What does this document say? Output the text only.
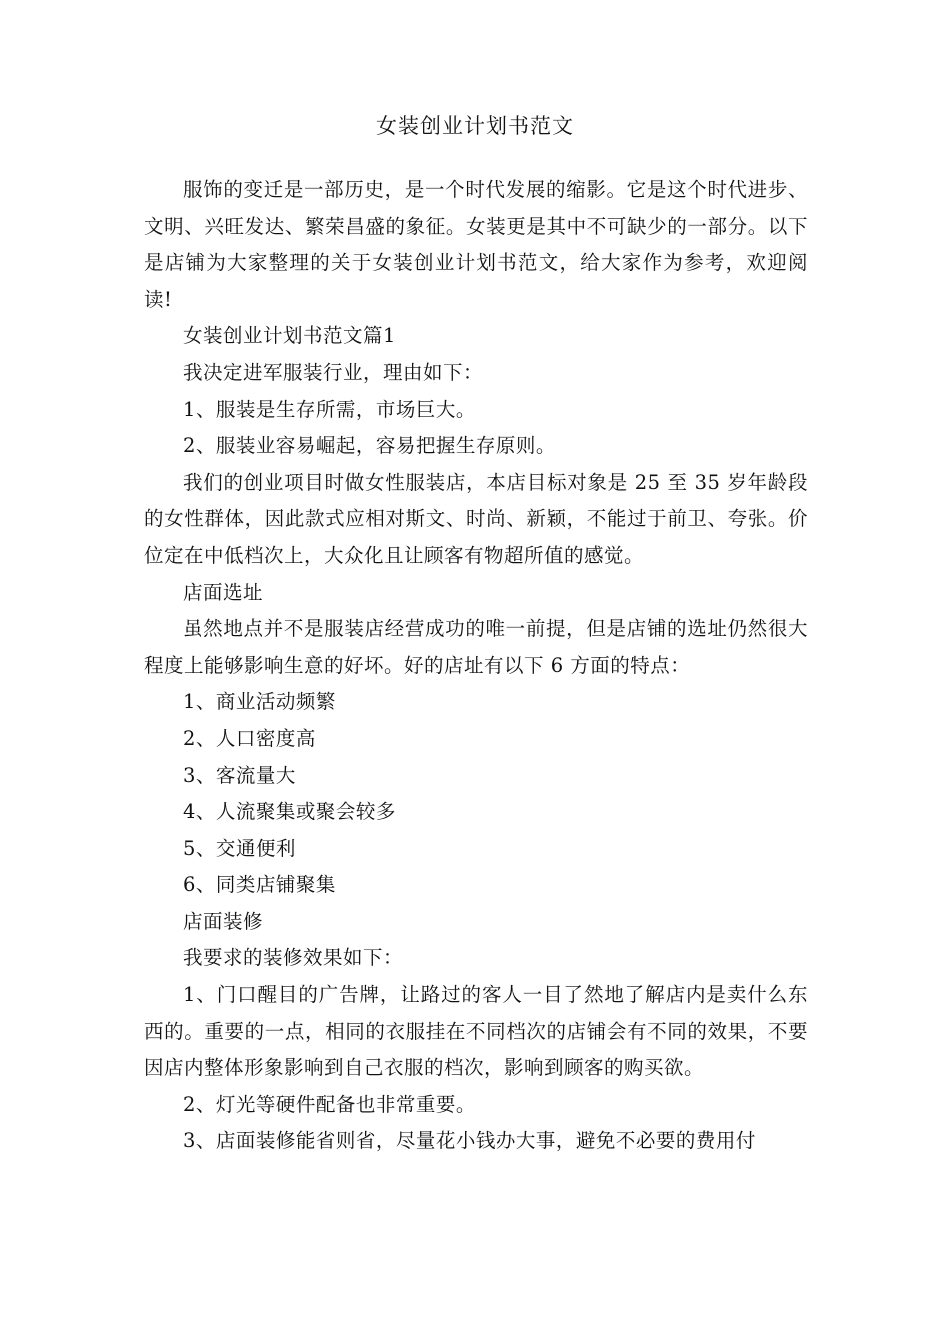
女装创业计划书范文

服饰的变迁是一部历史，是一个时代发展的缩影。它是这个时代进步、文明、兴旺发达、繁荣昌盛的象征。女装更是其中不可缺少的一部分。以下是店铺为大家整理的关于女装创业计划书范文，给大家作为参考，欢迎阅读!

女装创业计划书范文篇1

我决定进军服装行业，理由如下：

1、服装是生存所需，市场巨大。

2、服装业容易崛起，容易把握生存原则。

我们的创业项目时做女性服装店，本店目标对象是 25 至 35 岁年龄段的女性群体，因此款式应相对斯文、时尚、新颖，不能过于前卫、夸张。价位定在中低档次上，大众化且让顾客有物超所值的感觉。

店面选址

虽然地点并不是服装店经营成功的唯一前提，但是店铺的选址仍然很大程度上能够影响生意的好坏。好的店址有以下 6 方面的特点：

1、商业活动频繁

2、人口密度高

3、客流量大

4、人流聚集或聚会较多

5、交通便利

6、同类店铺聚集

店面装修

我要求的装修效果如下：

1、门口醒目的广告牌，让路过的客人一目了然地了解店内是卖什么东西的。重要的一点，相同的衣服挂在不同档次的店铺会有不同的效果，不要因店内整体形象影响到自己衣服的档次，影响到顾客的购买欲。

2、灯光等硬件配备也非常重要。

3、店面装修能省则省，尽量花小钱办大事，避免不必要的费用付
